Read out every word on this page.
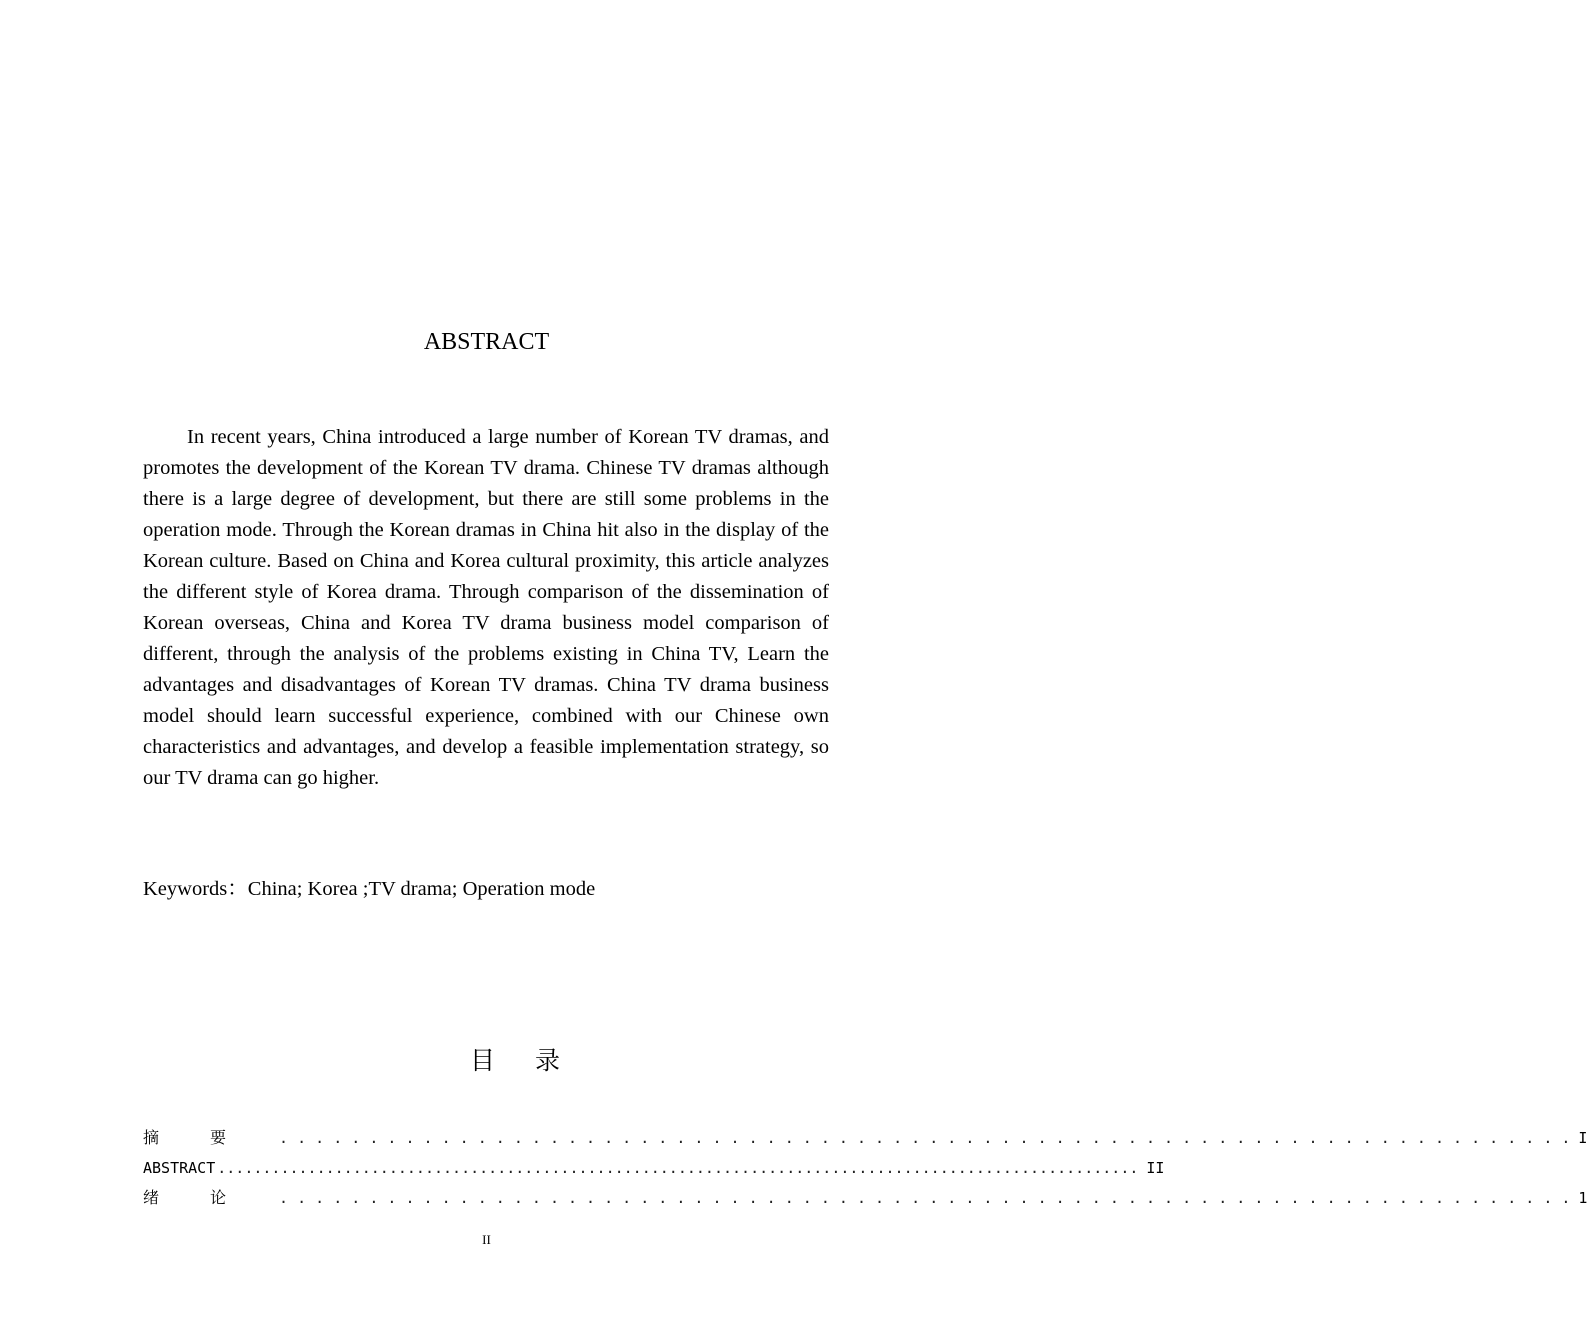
ABSTRACT

In recent years, China introduced a large number of Korean TV dramas, and promotes the development of the Korean TV drama. Chinese TV dramas although there is a large degree of development, but there are still some problems in the operation mode. Through the Korean dramas in China hit also in the display of the Korean culture. Based on China and Korea cultural proximity, this article analyzes the different style of Korea drama. Through comparison of the dissemination of Korean overseas, China and Korea TV drama business model comparison of different, through the analysis of the problems existing in China TV, Learn the advantages and disadvantages of Korean TV dramas. China TV drama business model should learn successful experience, combined with our Chinese own characteristics and advantages, and develop a feasible implementation strategy, so our TV drama can go higher.

Keywords：China; Korea ;TV drama; Operation mode
目录
摘要 . . . . . . . . . . . . . . . . . . . . . . . . . . . . . . . . . . . . . . . . . . . . . . . . . . . . . . . . . . . . . . . . . . . . . . . . I
ABSTRACT ...................................................................................................... II
绪论 . . . . . . . . . . . . . . . . . . . . . . . . . . . . . . . . . . . . . . . . . . . . . . . . . . . . . . . . . . . . . . . . . . . . . . . . 1
II
